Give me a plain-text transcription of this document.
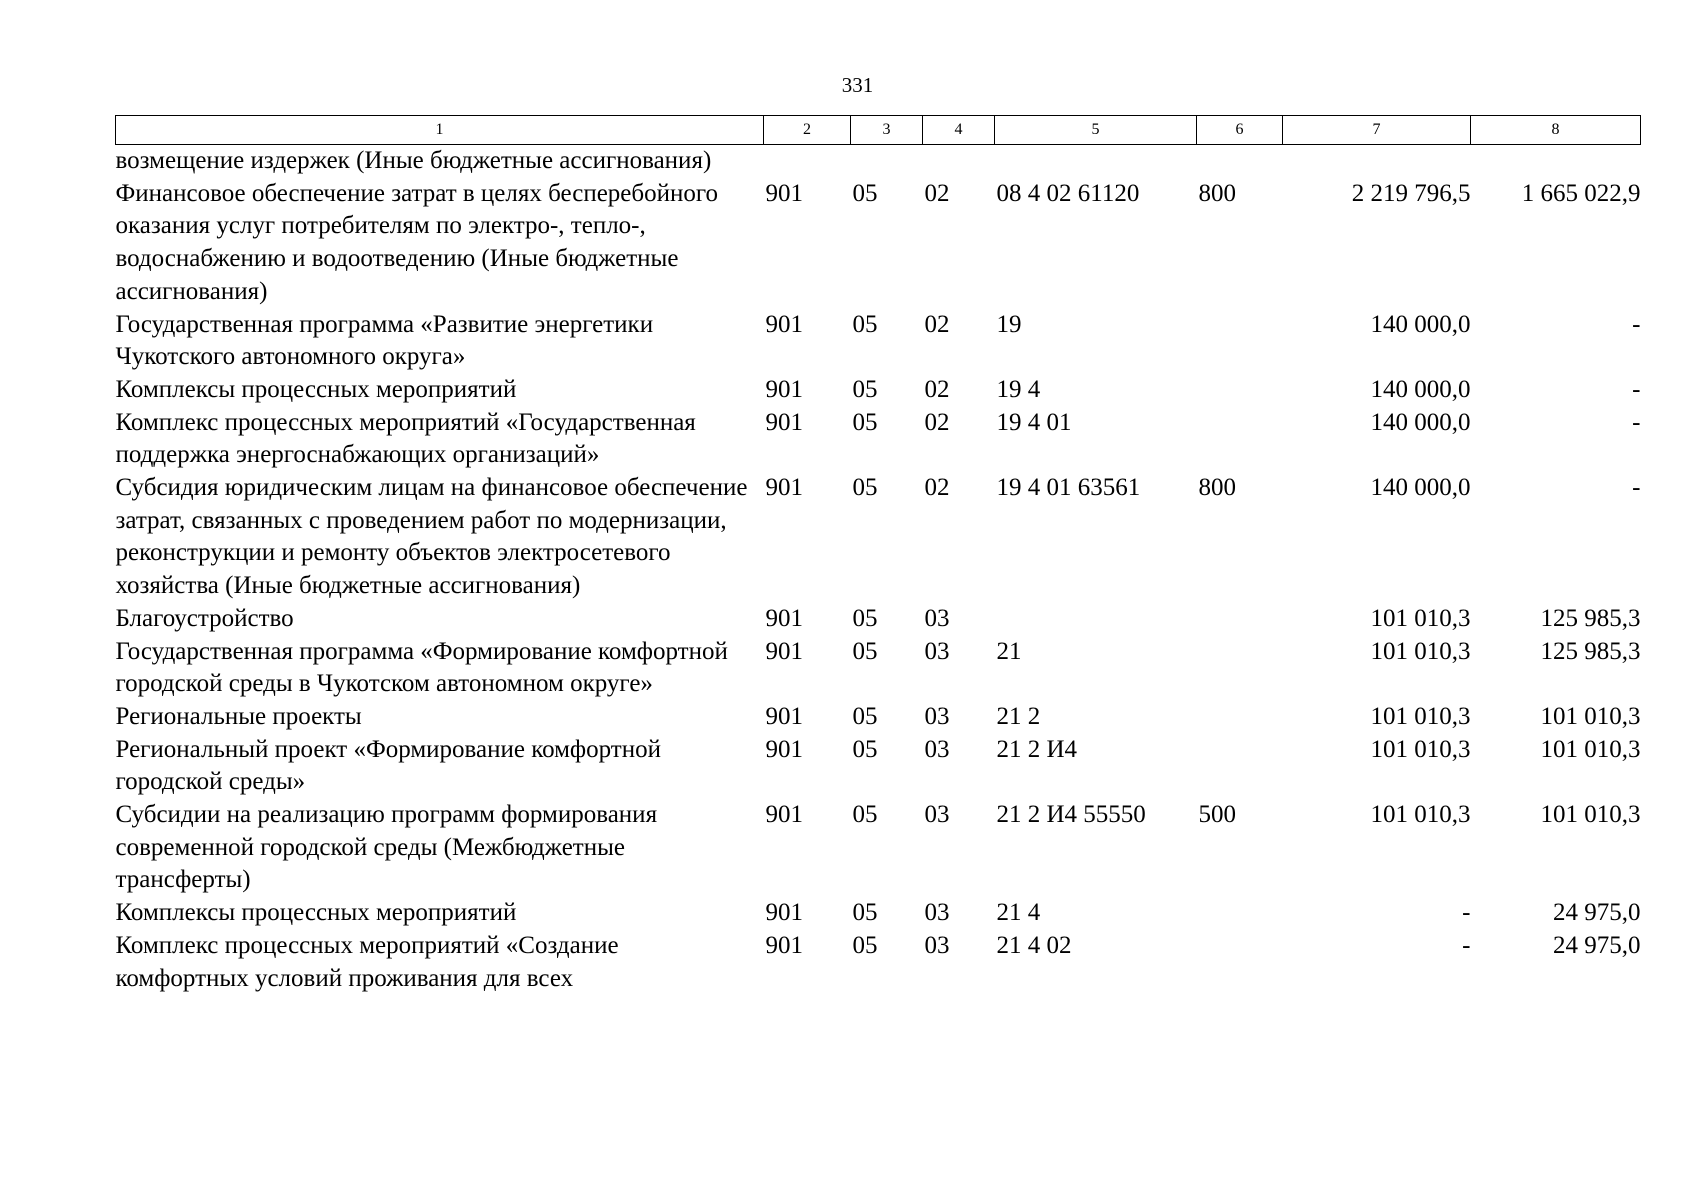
331
1	2	3	4	5	6	7	8
возмещение издержек (Иные бюджетные ассигнования)							
Финансовое обеспечение затрат в целях бесперебойного оказания услуг потребителям по электро-, тепло-, водоснабжению и водоотведению (Иные бюджетные ассигнования)	901	05	02	08 4 02 61120	800	2 219 796,5	1 665 022,9
Государственная программа «Развитие энергетики Чукотского автономного округа»	901	05	02	19		140 000,0	-
Комплексы процессных мероприятий	901	05	02	19 4		140 000,0	-
Комплекс процессных мероприятий «Государственная поддержка энергоснабжающих организаций»	901	05	02	19 4 01		140 000,0	-
Субсидия юридическим лицам на финансовое обеспечение затрат, связанных с проведением работ по модернизации, реконструкции и ремонту объектов электросетевого хозяйства (Иные бюджетные ассигнования)	901	05	02	19 4 01 63561	800	140 000,0	-
Благоустройство	901	05	03			101 010,3	125 985,3
Государственная программа «Формирование комфортной городской среды в Чукотском автономном округе»	901	05	03	21		101 010,3	125 985,3
Региональные проекты	901	05	03	21 2		101 010,3	101 010,3
Региональный проект «Формирование комфортной городской среды»	901	05	03	21 2 И4		101 010,3	101 010,3
Субсидии на реализацию программ формирования современной городской среды (Межбюджетные трансферты)	901	05	03	21 2 И4 55550	500	101 010,3	101 010,3
Комплексы процессных мероприятий	901	05	03	21 4		-	24 975,0
Комплекс процессных мероприятий «Создание комфортных условий проживания для всех	901	05	03	21 4 02		-	24 975,0
